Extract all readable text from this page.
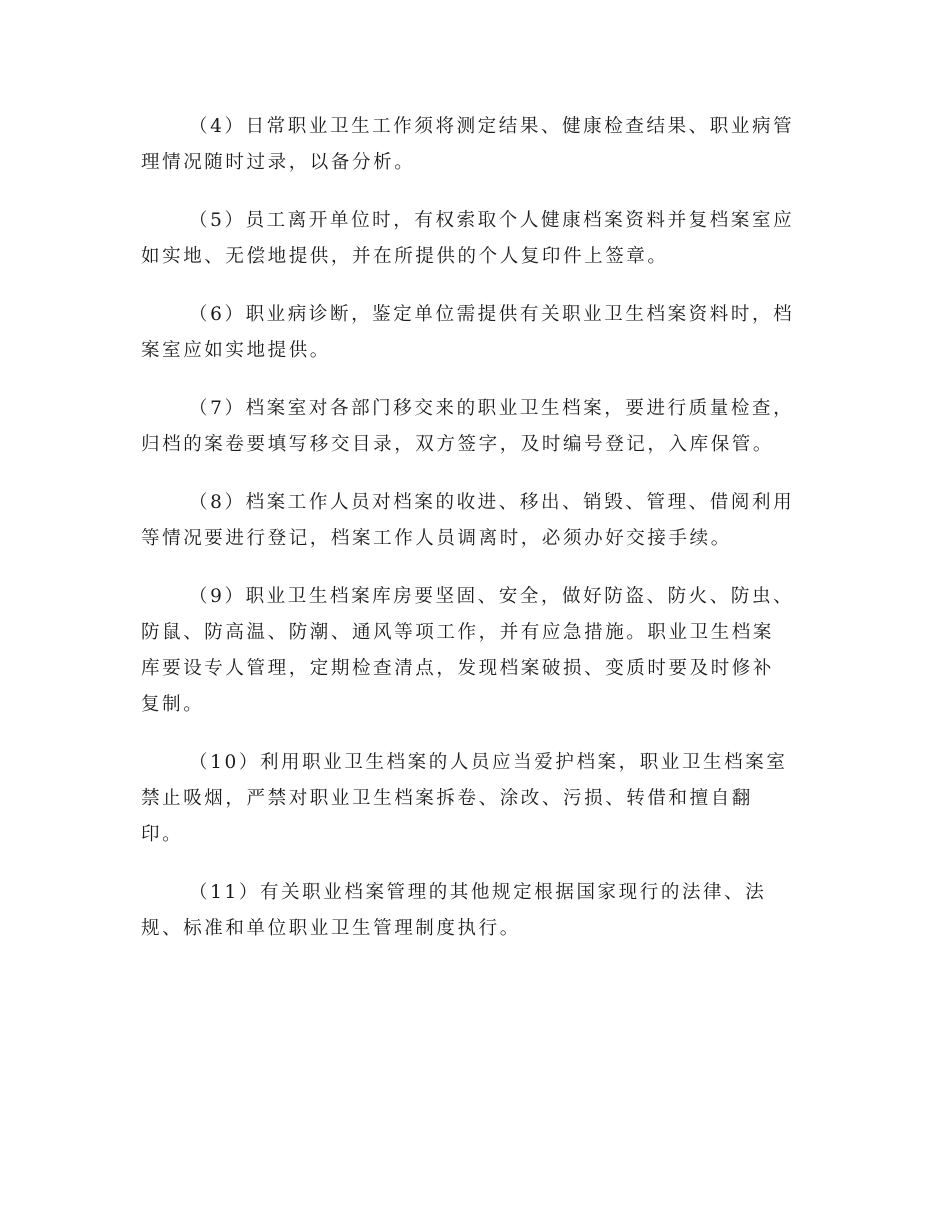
（4）日常职业卫生工作须将测定结果、健康检查结果、职业病管
理情况随时过录，以备分析。

（5）员工离开单位时，有权索取个人健康档案资料并复档案室应
如实地、无偿地提供，并在所提供的个人复印件上签章。

（6）职业病诊断，鉴定单位需提供有关职业卫生档案资料时，档
案室应如实地提供。

（7）档案室对各部门移交来的职业卫生档案，要进行质量检查，
归档的案卷要填写移交目录，双方签字，及时编号登记，入库保管。

（8）档案工作人员对档案的收进、移出、销毁、管理、借阅利用
等情况要进行登记，档案工作人员调离时，必须办好交接手续。

（9）职业卫生档案库房要坚固、安全，做好防盗、防火、防虫、
防鼠、防高温、防潮、通风等项工作，并有应急措施。职业卫生档案
库要设专人管理，定期检查清点，发现档案破损、变质时要及时修补
复制。

（10）利用职业卫生档案的人员应当爱护档案，职业卫生档案室
禁止吸烟，严禁对职业卫生档案拆卷、涂改、污损、转借和擅自翻
印。

（11）有关职业档案管理的其他规定根据国家现行的法律、法
规、标准和单位职业卫生管理制度执行。
